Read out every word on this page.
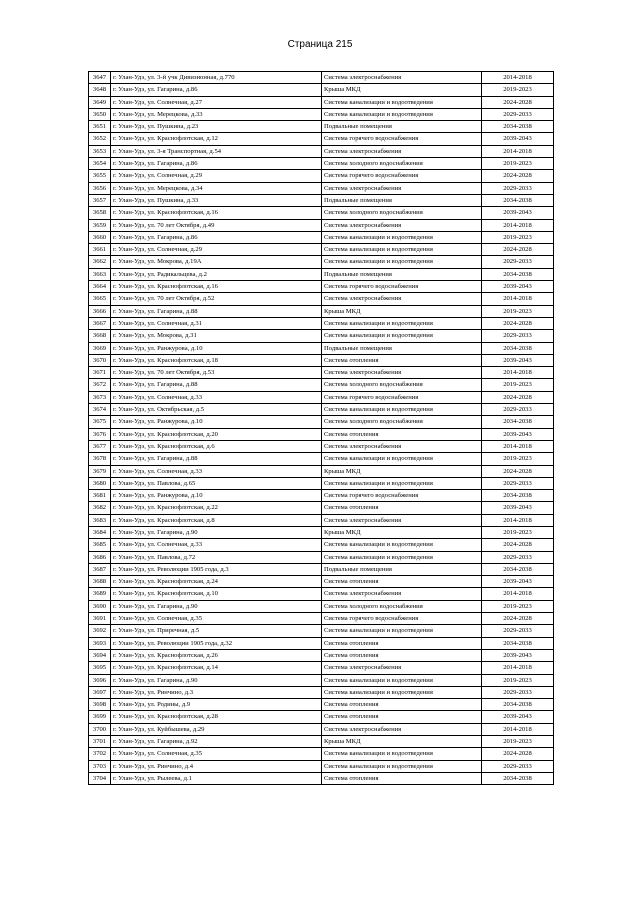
Страница 215
3647	г. Улан-Удэ, ул. 3-й учк Дивизионная, д.770	Система электроснабжения	2014-2018
3648	г. Улан-Удэ, ул. Гагарина, д.86	Крыша МКД	2019-2023
3649	г. Улан-Удэ, ул. Солнечная, д.27	Система канализации и водоотведения	2024-2028
3650	г. Улан-Удэ, ул. Мерецкова, д.33	Система канализации и водоотведения	2029-2033
3651	г. Улан-Удэ, ул. Пушкина, д.23	Подвальные помещения	2034-2038
3652	г. Улан-Удэ, ул. Краснофлотская, д.12	Система горячего водоснабжения	2039-2043
3653	г. Улан-Удэ, ул. 3-я Транспортная, д.54	Система электроснабжения	2014-2018
3654	г. Улан-Удэ, ул. Гагарина, д.86	Система холодного водоснабжения	2019-2023
3655	г. Улан-Удэ, ул. Солнечная, д.29	Система горячего водоснабжения	2024-2028
3656	г. Улан-Удэ, ул. Мерецкова, д.34	Система электроснабжения	2029-2033
3657	г. Улан-Удэ, ул. Пушкина, д.33	Подвальные помещения	2034-2038
3658	г. Улан-Удэ, ул. Краснофлотская, д.16	Система холодного водоснабжения	2039-2043
3659	г. Улан-Удэ, ул. 70 лет Октября, д.49	Система электроснабжения	2014-2018
3660	г. Улан-Удэ, ул. Гагарина, д.86	Система канализации и водоотведения	2019-2023
3661	г. Улан-Удэ, ул. Солнечная, д.29	Система канализации и водоотведения	2024-2028
3662	г. Улан-Удэ, ул. Мокрова, д.19А	Система канализации и водоотведения	2029-2033
3663	г. Улан-Удэ, ул. Радикальцева, д.2	Подвальные помещения	2034-2038
3664	г. Улан-Удэ, ул. Краснофлотская, д.16	Система горячего водоснабжения	2039-2043
3665	г. Улан-Удэ, ул. 70 лет Октября, д.52	Система электроснабжения	2014-2018
3666	г. Улан-Удэ, ул. Гагарина, д.88	Крыша МКД	2019-2023
3667	г. Улан-Удэ, ул. Солнечная, д.31	Система канализации и водоотведения	2024-2028
3668	г. Улан-Удэ, ул. Мокрова, д.31	Система канализации и водоотведения	2029-2033
3669	г. Улан-Удэ, ул. Ранжурова, д.10	Подвальные помещения	2034-2038
3670	г. Улан-Удэ, ул. Краснофлотская, д.18	Система отопления	2039-2043
3671	г. Улан-Удэ, ул. 70 лет Октября, д.53	Система электроснабжения	2014-2018
3672	г. Улан-Удэ, ул. Гагарина, д.88	Система холодного водоснабжения	2019-2023
3673	г. Улан-Удэ, ул. Солнечная, д.33	Система горячего водоснабжения	2024-2028
3674	г. Улан-Удэ, ул. Октябрьская, д.5	Система канализации и водоотведения	2029-2033
3675	г. Улан-Удэ, ул. Ранжурова, д.10	Система холодного водоснабжения	2034-2038
3676	г. Улан-Удэ, ул. Краснофлотская, д.20	Система отопления	2039-2043
3677	г. Улан-Удэ, ул. Краснофлотская, д.6	Система электроснабжения	2014-2018
3678	г. Улан-Удэ, ул. Гагарина, д.88	Система канализации и водоотведения	2019-2023
3679	г. Улан-Удэ, ул. Солнечная, д.33	Крыша МКД	2024-2028
3680	г. Улан-Удэ, ул. Павлова, д.65	Система канализации и водоотведения	2029-2033
3681	г. Улан-Удэ, ул. Ранжурова, д.10	Система горячего водоснабжения	2034-2038
3682	г. Улан-Удэ, ул. Краснофлотская, д.22	Система отопления	2039-2043
3683	г. Улан-Удэ, ул. Краснофлотская, д.8	Система электроснабжения	2014-2018
3684	г. Улан-Удэ, ул. Гагарина, д.90	Крыша МКД	2019-2023
3685	г. Улан-Удэ, ул. Солнечная, д.33	Система канализации и водоотведения	2024-2028
3686	г. Улан-Удэ, ул. Павлова, д.72	Система канализации и водоотведения	2029-2033
3687	г. Улан-Удэ, ул. Революции 1905 года, д.3	Подвальные помещения	2034-2038
3688	г. Улан-Удэ, ул. Краснофлотская, д.24	Система отопления	2039-2043
3689	г. Улан-Удэ, ул. Краснофлотская, д.10	Система электроснабжения	2014-2018
3690	г. Улан-Удэ, ул. Гагарина, д.90	Система холодного водоснабжения	2019-2023
3691	г. Улан-Удэ, ул. Солнечная, д.35	Система горячего водоснабжения	2024-2028
3692	г. Улан-Удэ, ул. Приречная, д.5	Система канализации и водоотведения	2029-2033
3693	г. Улан-Удэ, ул. Революции 1905 года, д.32	Система отопления	2034-2038
3694	г. Улан-Удэ, ул. Краснофлотская, д.26	Система отопления	2039-2043
3695	г. Улан-Удэ, ул. Краснофлотская, д.14	Система электроснабжения	2014-2018
3696	г. Улан-Удэ, ул. Гагарина, д.90	Система канализации и водоотведения	2019-2023
3697	г. Улан-Удэ, ул. Ринчино, д.3	Система канализации и водоотведения	2029-2033
3698	г. Улан-Удэ, ул. Родины, д.9	Система отопления	2034-2038
3699	г. Улан-Удэ, ул. Краснофлотская, д.28	Система отопления	2039-2043
3700	г. Улан-Удэ, ул. Куйбышева, д.29	Система электроснабжения	2014-2018
3701	г. Улан-Удэ, ул. Гагарина, д.92	Крыша МКД	2019-2023
3702	г. Улан-Удэ, ул. Солнечная, д.35	Система канализации и водоотведения	2024-2028
3703	г. Улан-Удэ, ул. Ринчино, д.4	Система канализации и водоотведения	2029-2033
3704	г. Улан-Удэ, ул. Рылеева, д.1	Система отопления	2034-2038
